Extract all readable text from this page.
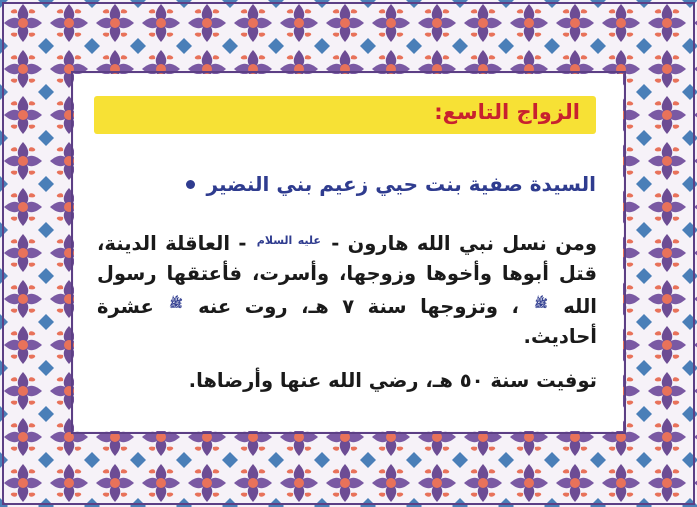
الزواج التاسع:
السيدة صفية بنت حيي زعيم بني النضير

ومن نسل نبي الله هارون - $^{عليه السلام}$ - العاقلة الدينة، قتل أبوها وأخوها وزوجها، وأسرت، فأعتقها رسول الله $^ﷺ$ ، وتزوجها سنة ٧ هـ، روت عنه $^ﷺ$ عشرة أحاديث.

توفيت سنة ٥٠ هـ، رضي الله عنها وأرضاها.
